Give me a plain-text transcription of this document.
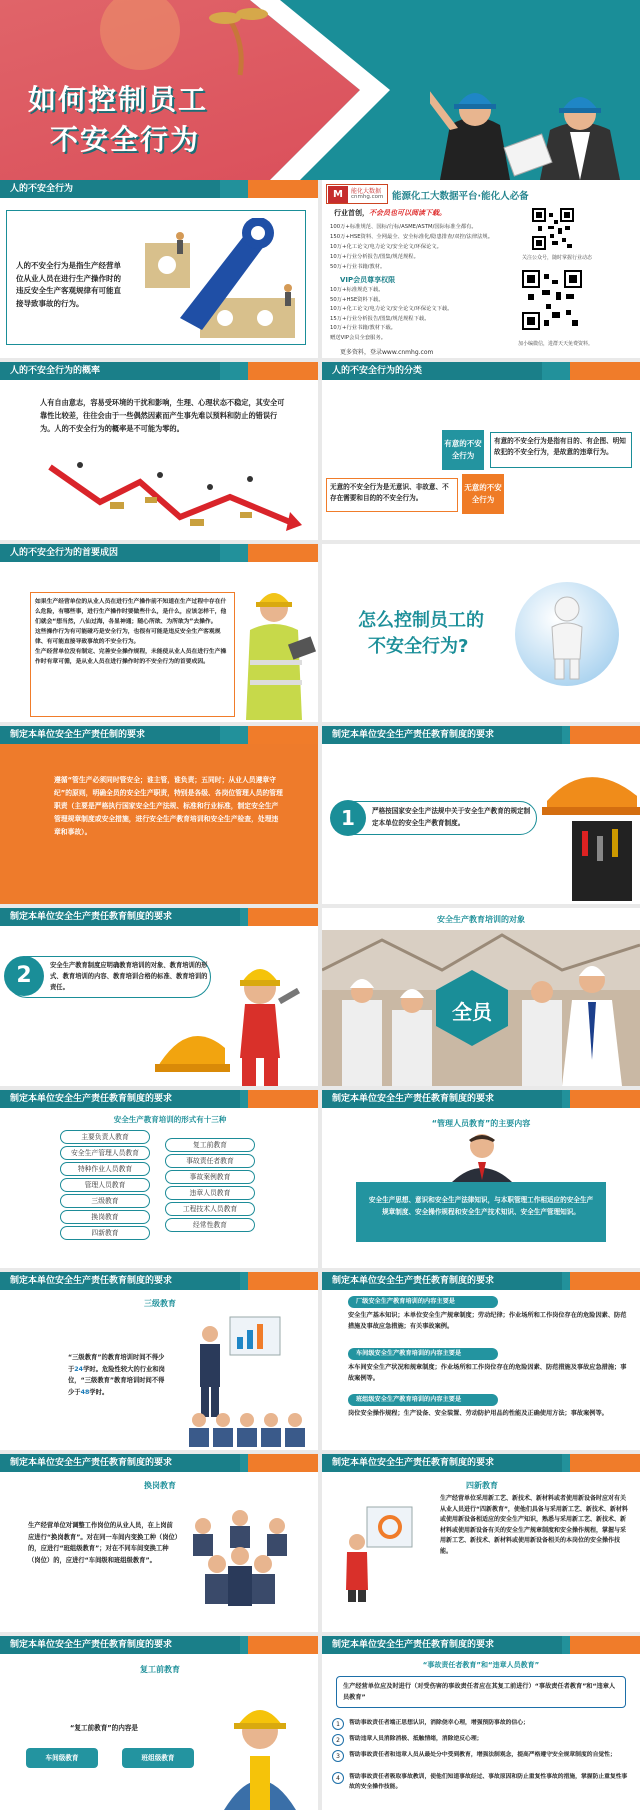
如何控制员工
不安全行为
人的不安全行为
人的不安全行为是指生产经营单位从业人员在进行生产操作时的违反安全生产客观规律有可能直接导致事故的行为。
M	能化大数据
cnmhg.com 能源化工大数据平台·能化人必备
行业首创，不会员也可以阅读下载。
100万+标准规范、国标/行标/ASME/ASTM/国际标准全都有。
150万+HSE资料、全网最全、安全标准化/隐患排查/双控/法律法规。
10万+化工论文/电力论文/安全论文/环保论文。
10万+行业分析报告/图集/规范规程。
50万+行业书籍/教材。
VIP会员尊享权限
10万+标准规范下载。
50万+HSE资料下载。
10万+化工论文/电力论文/安全论文/环保论文下载。
15万+行业分析报告/图集/规范规程下载。
10万+行业书籍/教材下载。
赠送VIP会员全套服务。
更多资料，登录www.cnmhg.com
关注公众号，随时掌握行业动态
加小编微信，进群天天免费资料。
人的不安全行为的概率
人有自由意志，容易受环境的干扰和影响，生理、心理状态不稳定，其安全可靠性比较差，往往会由于一些偶然因素而产生事先难以预料和防止的错误行为。人的不安全行为的概率是不可能为零的。
人的不安全行为的分类
有意的不安全行为
有意的不安全行为是指有目的、有企图、明知故犯的不安全行为，是故意的违章行为。
无意的不安全行为
无意的不安全行为是无意识、非故意、不存在需要和目的的不安全行为。
人的不安全行为的首要成因
如果生产经营单位的从业人员在进行生产操作前不知道在生产过程中存在什么危险，有哪些事，进行生产操作时要做些什么，是什么，应该怎样干，他们就会“想当然，八仙过海，各显神通；随心所欲、为所欲为”去操作。
这些操作行为有可能碰巧是安全行为，也很有可能是违反安全生产客观规律、有可能直接导致事故的不安全行为。
生产经营单位没有制定、完善安全操作规程，未能使从业人员在进行生产操作时有章可循，是从业人员在进行操作时的不安全行为的首要成因。
怎么控制员工的
不安全行为?
制定本单位安全生产责任制的要求
遵循“管生产必须同时管安全；谁主管，谁负责；五同时；从业人员遵章守纪”的原则，明确全员的安全生产职责，特别是各级、各岗位管理人员的管理职责（主要是严格执行国家安全生产法规、标准和行业标准，制定安全生产管理规章制度或安全措施，进行安全生产教育培训和安全生产检查，处理违章和事故）。
制定本单位安全生产责任教育制度的要求
1	严格按国家安全生产法规中关于安全生产教育的规定制定本单位的安全生产教育制度。
制定本单位安全生产责任教育制度的要求
2	安全生产教育制度应明确教育培训的对象、教育培训的形式、教育培训的内容、教育培训合格的标准、教育培训的责任。
安全生产教育培训的对象
全员
制定本单位安全生产责任教育制度的要求
安全生产教育培训的形式有十三种
主要负责人教育
安全生产管理人员教育
特种作业人员教育
管理人员教育
三级教育
换岗教育
四新教育
复工前教育
事故责任者教育
事故案例教育
违章人员教育
工程技术人员教育
经常性教育
制定本单位安全生产责任教育制度的要求
“管理人员教育”的主要内容
安全生产思想、意识和安全生产法律知识，与本职管理工作相适应的安全生产规章制度、安全操作规程和安全生产技术知识、安全生产管理知识。
制定本单位安全生产责任教育制度的要求
三级教育
“三级教育”的教育培训时间不得少于24学时。危险性较大的行业和岗位，“三级教育”教育培训时间不得少于48学时。
制定本单位安全生产责任教育制度的要求
厂级安全生产教育培训的内容主要是
安全生产基本知识；本单位安全生产规章制度；劳动纪律；作业场所和工作岗位存在的危险因素、防范措施及事故应急措施；有关事故案例。
车间级安全生产教育培训的内容主要是
本车间安全生产状况和规章制度；作业场所和工作岗位存在的危险因素、防范措施及事故应急措施；事故案例等。
班组级安全生产教育培训的内容主要是
岗位安全操作规程；生产设备、安全装置、劳动防护用品的性能及正确使用方法；事故案例等。
制定本单位安全生产责任教育制度的要求
换岗教育
生产经营单位对调整工作岗位的从业人员，在上岗前应进行“换岗教育”。对在同一车间内变换工种（岗位）的，应进行“班组级教育”；对在不同车间变换工种（岗位）的，应进行“车间级和班组级教育”。
制定本单位安全生产责任教育制度的要求
四新教育
生产经营单位采用新工艺、新技术、新材料或者使用新设备时应对有关从业人员进行“四新教育”，使他们具备与采用新工艺、新技术、新材料或使用新设备相适应的安全生产知识，熟悉与采用新工艺、新技术、新材料或使用新设备有关的安全生产规章制度和安全操作规程，掌握与采用新工艺、新技术、新材料或使用新设备相关的本岗位的安全操作技能。
制定本单位安全生产责任教育制度的要求
复工前教育
“复工前教育”的内容是
车间级教育	班组级教育
制定本单位安全生产责任教育制度的要求
“事故责任者教育”和“违章人员教育”
生产经营单位应及时进行（对受伤害的事故责任者应在其复工前进行）“事故责任者教育”和“违章人员教育”
1 帮助事故责任者端正思想认识，消除侥幸心理，增强预防事故的信心；
2 帮助违章人员消除消极、抵触情绪，消除逆反心理；
3 帮助事故责任者和违章人员从最处分中受到教育，增强法制观念，提高严格遵守安全规章制度的自觉性；
4 帮助事故责任者吸取事故教训，使他们知道事故经过、事故原因和防止重复性事故的措施，掌握防止重复性事故的安全操作技能。
